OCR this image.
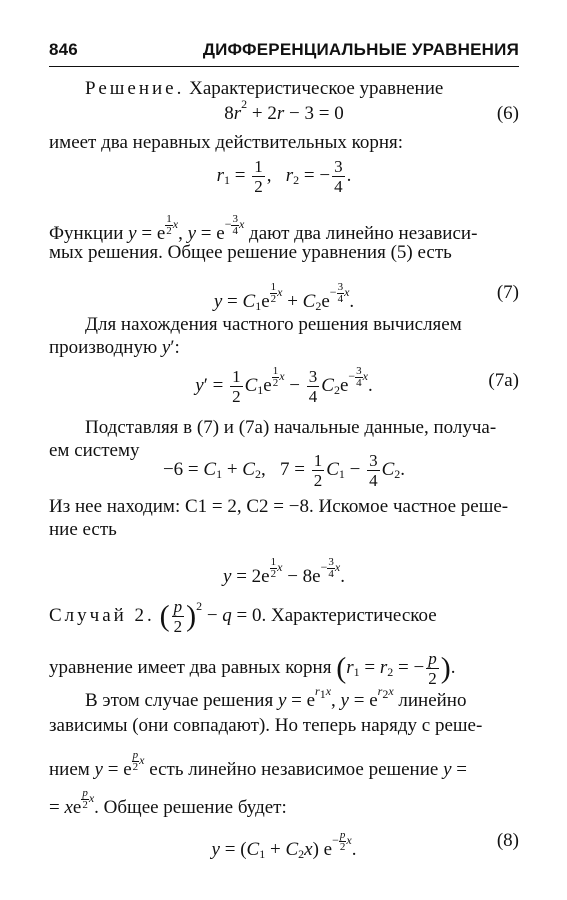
846	ДИФФЕРЕНЦИАЛЬНЫЕ УРАВНЕНИЯ
Решение. Характеристическое уравнение
$8r^2 + 2r - 3 = 0$	(6)
имеет два неравных действительных корня:
$r_1 = \frac{1}{2}$ ,   $r_2$ = − $\frac{3}{4}$ .
Функции y = e $^{\frac{1}{2} x}$, $y = e^{- \frac{3}{4} x}$ дают два линейно независи-
мых решения. Общее решение уравнения (5) есть
$y = C_1e$ $^{\frac{1}{2} x} + C_2e^{- \frac{3}{4} x}$.	(7)
Для нахождения частного решения вычисляем
производную y′:
$y' = \frac{1}{2} C_1e$ $^{\frac{1}{2} x} - \frac{3}{4} C_2e^{- \frac{3}{4} x}$.	(7а)
Подставляя в (7) и (7а) начальные данные, получа-
ем систему
$-6 = C_1 + C_2$,   $7 = \frac{1}{2} C_1 - \frac{3}{4} C_2$.
Из нее находим: C1 = 2, C2 = −8. Искомое частное реше-
ние есть
y = 2e $^{\frac{1}{2} x} - 8e^{- \frac{3}{4} x}$.
Случай 2. ( $\frac{p}{2} )^2 - q = 0$. Характеристическое
уравнение имеет два равных корня ($r_1 = r_2$ = − $\frac{p}{2}$ ).
В этом случае решения $y = e^{r_1x}$, $y = e^{r_2x}$ линейно
зависимы (они совпадают). Но теперь наряду с реше-
нием y = e $^{\frac{p}{2} x}$ есть линейно независимое решение y =
= xe $^{\frac{p}{2} x}$. Общее решение будет:
$y = (C_1 + C_2x)$ $e^{- \frac{p}{2} x}$.	(8)
